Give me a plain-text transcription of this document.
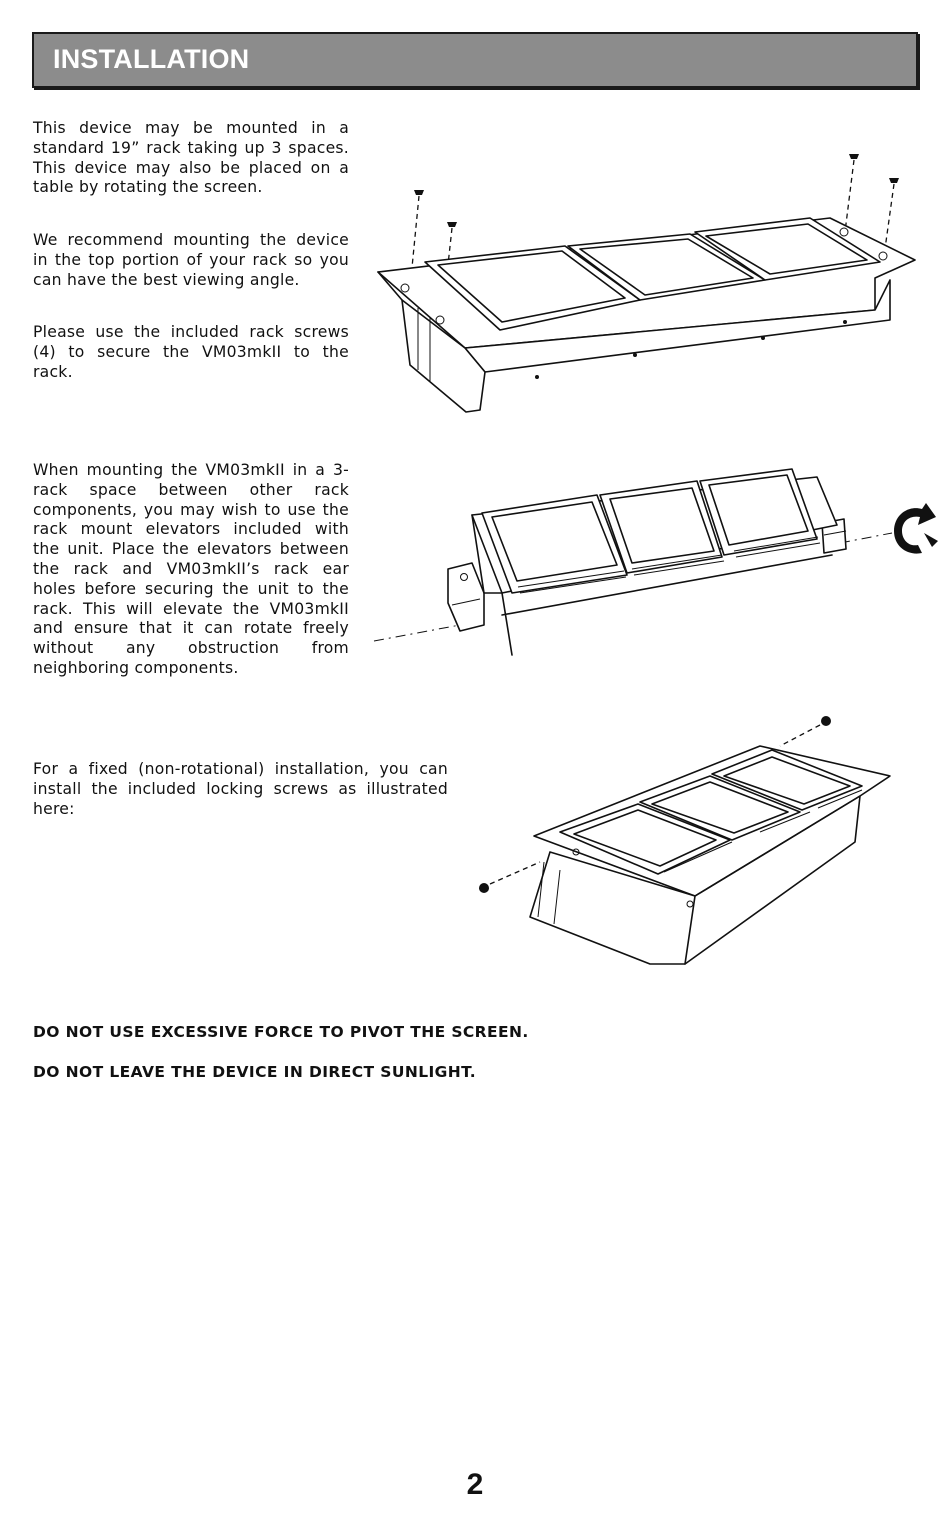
INSTALLATION

This device may be mounted in a standard 19” rack taking up 3 spaces. This device may also be placed on a table by rotating the screen.

We recommend mounting the device in the top portion of your rack so you can have the best viewing angle.

Please use the included rack screws (4) to secure the VM03mkII to the rack.

When mounting the VM03mkII in a 3-rack space between other rack components, you may wish to use the rack mount elevators included with the unit. Place the elevators between the rack and VM03mkII’s rack ear holes before securing the unit to the rack. This will elevate the VM03mkII and ensure that it can rotate freely without any obstruction from neighboring components.

For a fixed (non-rotational) installation, you can install the included locking screws as illustrated here:

DO NOT USE EXCESSIVE FORCE TO PIVOT THE SCREEN.

DO NOT LEAVE THE DEVICE IN DIRECT SUNLIGHT.

2
